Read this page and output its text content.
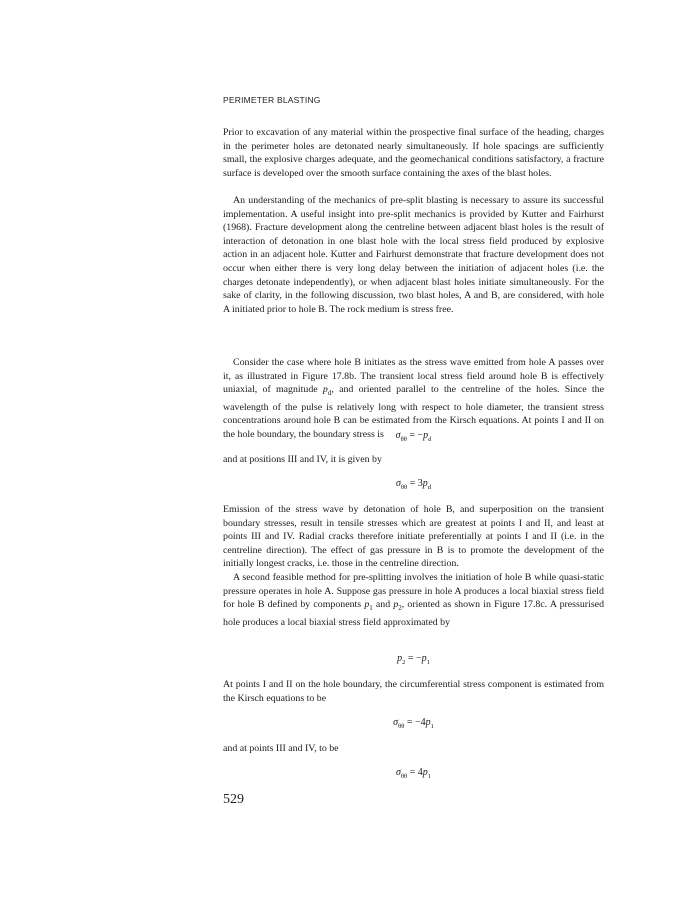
PERIMETER BLASTING

Prior to excavation of any material within the prospective final surface of the heading, charges in the perimeter holes are detonated nearly simultaneously. If hole spacings are sufficiently small, the explosive charges adequate, and the geomechanical conditions satisfactory, a fracture surface is developed over the smooth surface containing the axes of the blast holes.

An understanding of the mechanics of pre-split blasting is necessary to assure its successful implementation. A useful insight into pre-split mechanics is provided by Kutter and Fairhurst (1968). Fracture development along the centreline between adjacent blast holes is the result of interaction of detonation in one blast hole with the local stress field produced by explosive action in an adjacent hole. Kutter and Fairhurst demonstrate that fracture development does not occur when either there is very long delay between the initiation of adjacent holes (i.e. the charges detonate independently), or when adjacent blast holes initiate simultaneously. For the sake of clarity, in the following discussion, two blast holes, A and B, are considered, with hole A initiated prior to hole B. The rock medium is stress free.

Consider the case where hole B initiates as the stress wave emitted from hole A passes over it, as illustrated in Figure 17.8b. The transient local stress field around hole B is effectively uniaxial, of magnitude $p_d$, and oriented parallel to the centreline of the holes. Since the wavelength of the pulse is relatively long with respect to hole diameter, the transient stress concentrations around hole B can be estimated from the Kirsch equations. At points I and II on the hole boundary, the boundary stress is	$\sigma_{\theta\theta} = -p_d$

and at positions III and IV, it is given by

$\sigma_{\theta\theta} = 3p_d$

Emission of the stress wave by detonation of hole B, and superposition on the transient boundary stresses, result in tensile stresses which are greatest at points I and II, and least at points III and IV. Radial cracks therefore initiate preferentially at points I and II (i.e. in the centreline direction). The effect of gas pressure in B is to promote the development of the initially longest cracks, i.e. those in the centreline direction.

A second feasible method for pre-splitting involves the initiation of hole B while quasi-static pressure operates in hole A. Suppose gas pressure in hole A produces a local biaxial stress field for hole B defined by components $p_1$ and $p_2$, oriented as shown in Figure 17.8c. A pressurised hole produces a local biaxial stress field approximated by

$p_2 = -p_1$

At points I and II on the hole boundary, the circumferential stress component is estimated from the Kirsch equations to be

$\sigma_{\theta\theta} = -4p_1$

and at points III and IV, to be

$\sigma_{\theta\theta} = 4p_1$

529
